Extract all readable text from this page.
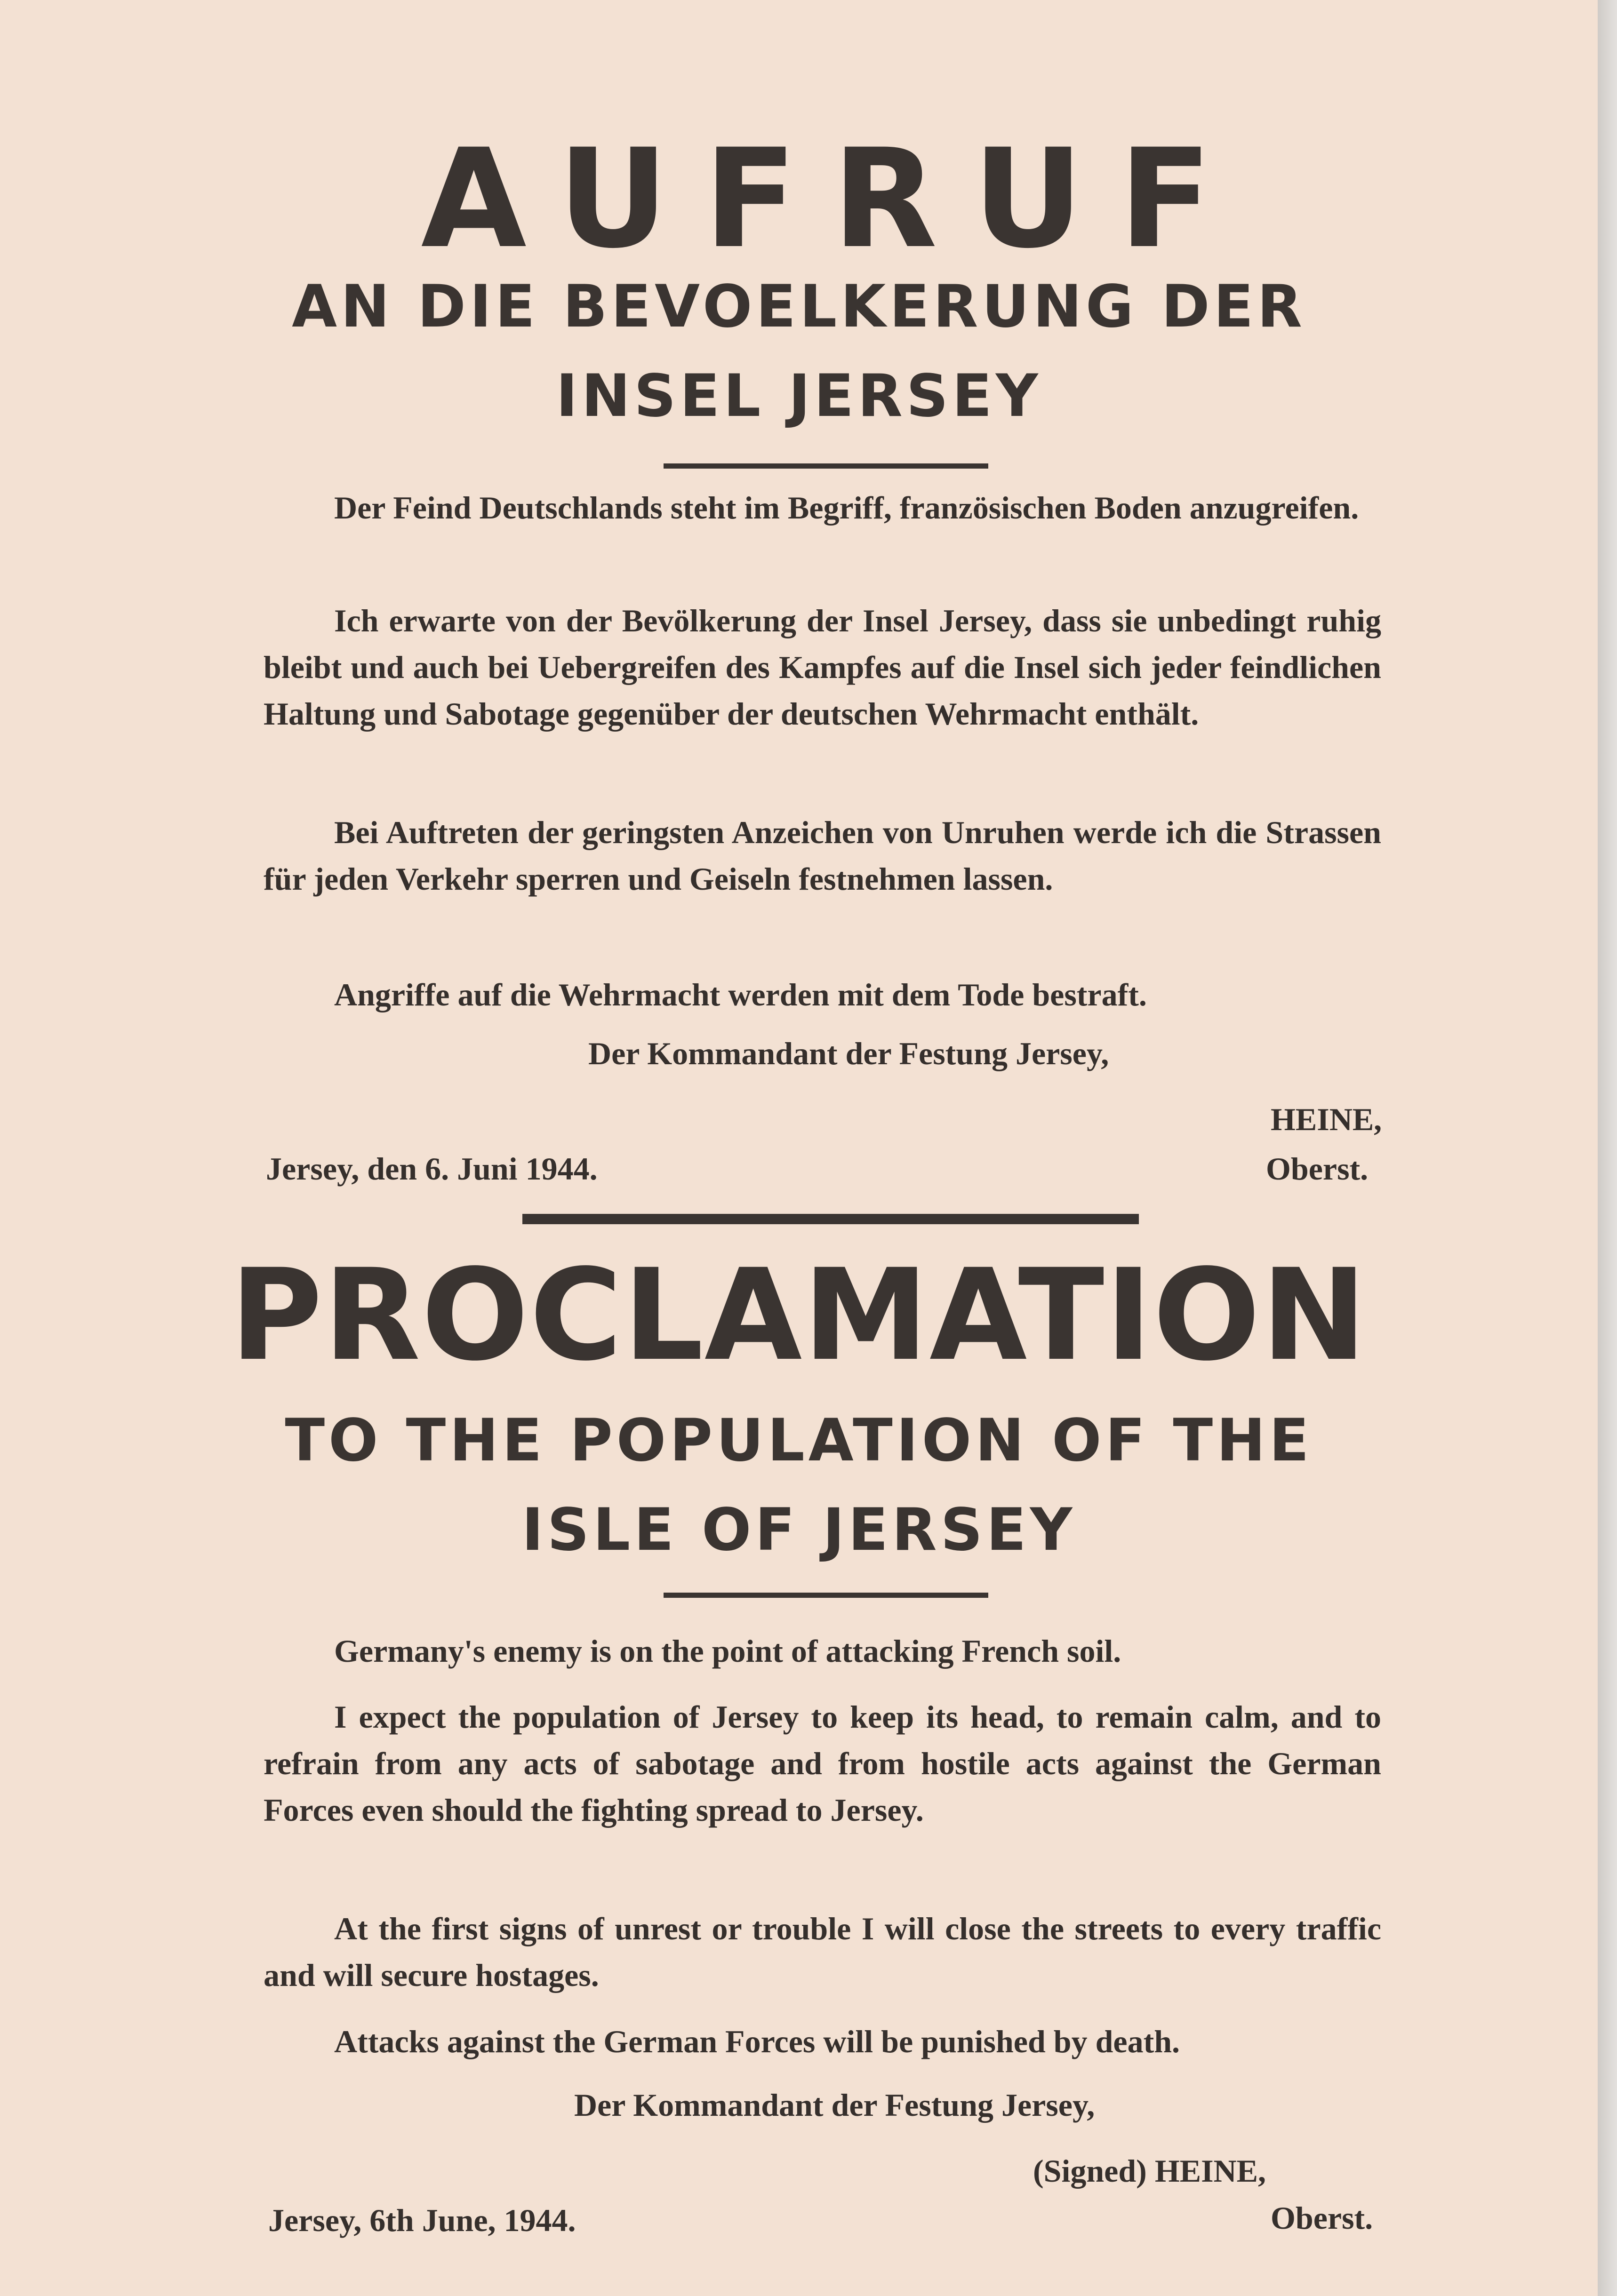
AUFRUF
AN DIE BEVOELKERUNG DER
INSEL JERSEY

Der Feind Deutschlands steht im Begriff, französischen Boden anzugreifen.

Ich erwarte von der Bevölkerung der Insel Jersey, dass sie unbedingt ruhig bleibt und auch bei Uebergreifen des Kampfes auf die Insel sich jeder feindlichen Haltung und Sabotage gegenüber der deutschen Wehrmacht enthält.

Bei Auftreten der geringsten Anzeichen von Unruhen werde ich die Strassen für jeden Verkehr sperren und Geiseln festnehmen lassen.

Angriffe auf die Wehrmacht werden mit dem Tode bestraft.

Der Kommandant der Festung Jersey,

HEINE,

Jersey, den 6. Juni 1944.	Oberst.

PROCLAMATION
TO THE POPULATION OF THE
ISLE OF JERSEY

Germany's enemy is on the point of attacking French soil.

I expect the population of Jersey to keep its head, to remain calm, and to refrain from any acts of sabotage and from hostile acts against the German Forces even should the fighting spread to Jersey.

At the first signs of unrest or trouble I will close the streets to every traffic and will secure hostages.

Attacks against the German Forces will be punished by death.

Der Kommandant der Festung Jersey,

(Signed) HEINE,

Jersey, 6th June, 1944.	Oberst.
